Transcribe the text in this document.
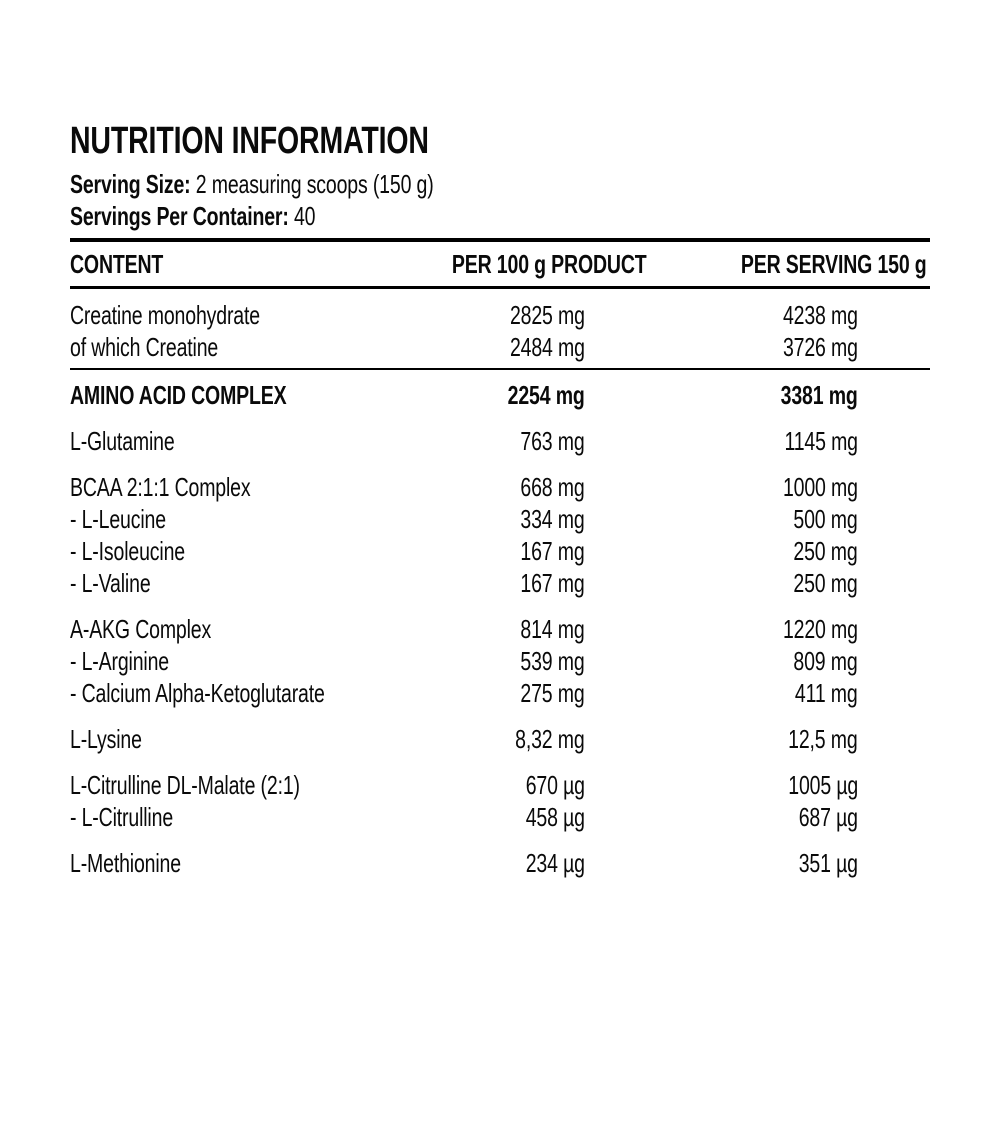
NUTRITION INFORMATION
Serving Size: 2 measuring scoops (150 g)
Servings Per Container: 40
CONTENT	PER 100 g PRODUCT	PER SERVING 150 g
Creatine monohydrate	2825 mg	4238 mg
of which Creatine	2484 mg	3726 mg
AMINO ACID COMPLEX	2254 mg	3381 mg
L-Glutamine	763 mg	1145 mg
BCAA 2:1:1 Complex	668 mg	1000 mg
- L-Leucine	334 mg	500 mg
- L-Isoleucine	167 mg	250 mg
- L-Valine	167 mg	250 mg
A-AKG Complex	814 mg	1220 mg
- L-Arginine	539 mg	809 mg
- Calcium Alpha-Ketoglutarate	275 mg	411 mg
L-Lysine	8,32 mg	12,5 mg
L-Citrulline DL-Malate (2:1)	670 µg	1005 µg
- L-Citrulline	458 µg	687 µg
L-Methionine	234 µg	351 µg
